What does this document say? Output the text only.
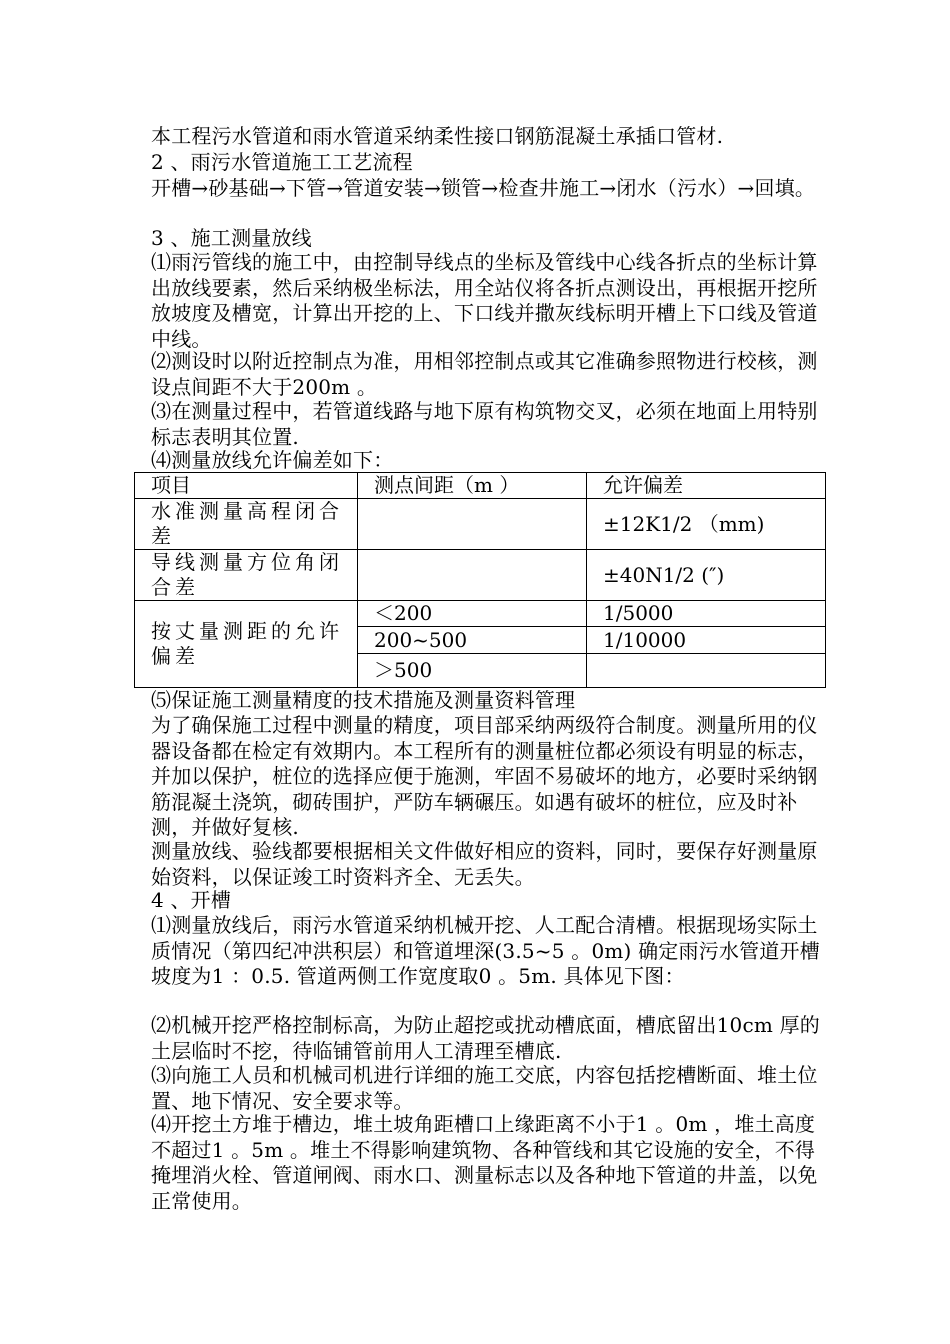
本工程污水管道和雨水管道采纳柔性接口钢筋混凝土承插口管材.

2 、雨污水管道施工工艺流程

开槽→砂基础→下管→管道安装→锁管→检查井施工→闭水（污水）→回填。

3 、施工测量放线

⑴雨污管线的施工中，由控制导线点的坐标及管线中心线各折点的坐标计算出放线要素，然后采纳极坐标法，用全站仪将各折点测设出，再根据开挖所放坡度及槽宽，计算出开挖的上、下口线并撒灰线标明开槽上下口线及管道中线。

⑵测设时以附近控制点为准，用相邻控制点或其它准确参照物进行校核，测设点间距不大于200m 。

⑶在测量过程中，若管道线路与地下原有构筑物交叉，必须在地面上用特别标志表明其位置.

⑷测量放线允许偏差如下：

项目	测点间距（m ）	允许偏差
水准测量高程闭合差		±12K1/2 （mm)
导线测量方位角闭合差		±40N1/2 (″)
按丈量测距的允许偏差	＜200	1/5000
	200~500	1/10000
	＞500	

⑸保证施工测量精度的技术措施及测量资料管理

为了确保施工过程中测量的精度，项目部采纳两级符合制度。测量所用的仪器设备都在检定有效期内。本工程所有的测量桩位都必须设有明显的标志，并加以保护，桩位的选择应便于施测，牢固不易破坏的地方，必要时采纳钢筋混凝土浇筑，砌砖围护，严防车辆碾压。如遇有破坏的桩位，应及时补测，并做好复核.

测量放线、验线都要根据相关文件做好相应的资料，同时，要保存好测量原始资料，以保证竣工时资料齐全、无丢失。

4 、开槽

⑴测量放线后，雨污水管道采纳机械开挖、人工配合清槽。根据现场实际土质情况（第四纪冲洪积层）和管道埋深(3.5~5 。0m) 确定雨污水管道开槽坡度为1 ：0.5. 管道两侧工作宽度取0 。5m. 具体见下图：

⑵机械开挖严格控制标高，为防止超挖或扰动槽底面，槽底留出10cm 厚的土层临时不挖，待临铺管前用人工清理至槽底.

⑶向施工人员和机械司机进行详细的施工交底，内容包括挖槽断面、堆土位置、地下情况、安全要求等。

⑷开挖土方堆于槽边，堆土坡角距槽口上缘距离不小于1 。0m ，堆土高度不超过1 。5m 。堆土不得影响建筑物、各种管线和其它设施的安全，不得掩埋消火栓、管道闸阀、雨水口、测量标志以及各种地下管道的井盖，以免正常使用。
